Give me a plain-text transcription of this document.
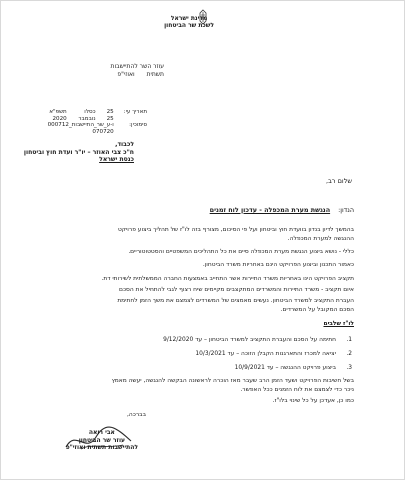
מדינת ישראל
לשכת שר הביטחון
עוזר השר להתיישבות
תשתית ואוזי"פ
תאריך עי:	25	כסלו	תשפ"א
	25	נובמבר	2020
סימוכין:	ו-ע_שר_התיישבות_000712		
	070720		
לכבוד,
ח"כ צבי האוזר – יו"ר ועדת חוץ וביטחון
כנסת ישראל
שלום רב,
הנדון: הנגשת מערת המכפלה - עדכון לוח זמנים
בהמשך לדיון בנדון בוועדת חוץ וביטחון ועל פי הסיכום, מצורף בזה לו"ז של תהליך ביצוע פרויקט
ההנגשה למערת המכפלה.
כללי - נושא ביצוע הנגשת מערת המכפלה סיים את כל התהליכים המשפטיים והסטטוטוריים.
כאמור התכנון וביצוע הפרויקט הינם באחריות משרד הביטחון.
תקציב הפרויקט הינו באחריות משרד התיירות אשר התחייב באמצעות החברה הממשלתית לשירותי דת.
איום תקציב - משרד התיירות והמשרדים המתקצבים מקיימים שיח רצוף לגבי להתחיל את הסכם
העברת התקציב למשרד הביטחון. נעשים מאמצים של המשרדים לצמצם את משך הזמן לחתימת
הסכם המקובל על המשרדים.
לו"ז שלבים
1.
חתימה על הסכם והעברת התקציב למשרד הביטחון – עד 9/12/2020
2.
יציאה למכרז והתארגנות הקבלן הזוכה – עד 10/3/2021
3.
ביצוע פרויקט ההנגשה – עד 10/9/2021
בשל חשיבות הפרויקט ושעד הזמן הרב שעבר מאז הוכרה לראשונה הבקשה להנגשה, יעשה מאמץ
ניכר כדי לצמצם את לוח הזמנים ככל האפשר.
כמו כן, אעדכן על כל שינוי בלו"ז.
בברכה,
אבי רואה
עוזר שר הביטחון
להתיישבות תשתית ואוזי"פ
